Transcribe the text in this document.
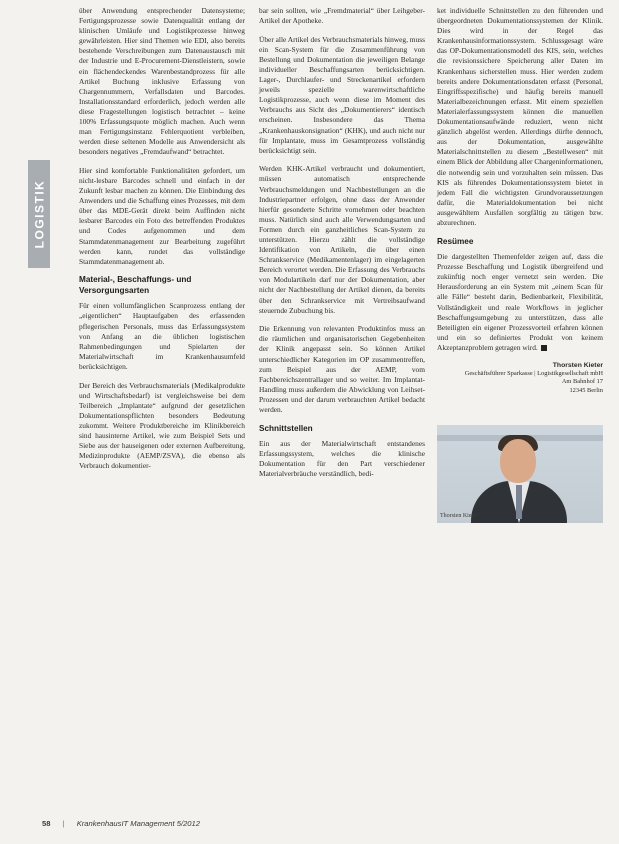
LOGISTIK

über Anwendung entsprechender Datensysteme; Fertigungsprozesse sowie Datenqualität entlang der klinischen Umläufe und Logistikprozesse hinweg gewährleisten. Hier sind Themen wie EDI, also bereits bestehende Verschreibungen zum Datenaustausch mit der Industrie und E-Procurement-Dienstleistern, sowie ein flächendeckendes Warenbestandprozess für alle Artikel Buchung inklusive Erfassung von Chargennummern, Verfallsdaten und Barcodes. Installationsstandard erforderlich, jedoch werden alle diese Fragestellungen logistisch betrachtet – keine 100% Erfassungsquote möglich machen. Auch wenn man Fertigungsinstanz Fehlerquotient verbleiben, werden diese seltenen Modelle aus Anwendersicht als besonders negatives „Fremdaufwand“ betrachtet.

Hier sind komfortable Funktionalitäten gefordert, um nicht-lesbare Barcodes schnell und einfach in der Zukunft lesbar machen zu können. Die Einbindung des Anwenders und die Schaffung eines Prozesses, mit dem über das MDE-Gerät direkt beim Auffinden nicht lesbarer Barcodes ein Foto des betreffenden Produktes und Codes aufgenommen und dem Stammdatenmanagement zur Bearbeitung zugeführt werden kann, rundet das vollständige Stammdatenmanagement ab.

Material-, Beschaffungs- und Versorgungsarten

Für einen vollumfänglichen Scanprozess entlang der „eigentlichen“ Hauptaufgaben des erfassenden pflegerischen Personals, muss das Erfassungssystem von Anfang an die üblichen logistischen Rahmenbedingungen und Spielarten der Materialwirtschaft im Krankenhausumfeld berücksichtigen.

Der Bereich des Verbrauchsmaterials (Medikalprodukte und Wirtschaftsbedarf) ist vergleichsweise bei dem Teilbereich „Implantate“ aufgrund der gesetzlichen Dokumentationspflichten besonders Bedeutung zukommt. Weitere Produktbereiche im Klinikbereich sind hausinterne Artikel, wie zum Beispiel Sets und Siebe aus der hauseigenen oder externen Aufbereitung, Medizinprodukte (AEMP/ZSVA), die ebenso als Verbrauch dokumentier-

bar sein sollten, wie „Fremdmaterial“ über Leihgeber-Artikel der Apotheke.

Über alle Artikel des Verbrauchsmaterials hinweg, muss ein Scan-System für die Zusammenführung von Bestellung und Dokumentation die jeweiligen Belange individueller Beschaffungsarten berücksichtigen. Lager-, Durchlaufer- und Streckenartikel erfordern jeweils spezielle warenwirtschaftliche Logistikprozesse, auch wenn diese im Moment des Verbrauchs aus Sicht des „Dokumentierers“ identisch erscheinen. Insbesondere das Thema „Krankenhauskonsignation“ (KHK), und auch nicht nur für Implantate, muss im Gesamtprozess vollständig berücksichtigt sein.

Werden KHK-Artikel verbraucht und dokumentiert, müssen automatisch entsprechende Verbrauchsmeldungen und Nachbestellungen an die Industriepartner erfolgen, ohne dass der Anwender hierfür gesonderte Schritte vornehmen oder beachten muss. Natürlich sind auch alle Verwendungsarten und Formen durch ein ganzheitliches Scan-System zu unterstützen. Hierzu zählt die vollständige Identifikation von Artikeln, die über einen Schrankservice (Medikamentenlager) im eingelagerten Bereich verortet werden. Die Erfassung des Verbrauchs von Modulartikeln darf nur der Dokumentation, aber nicht der Nachbestellung der Artikel dienen, da bereits über den Schrankservice mit Vertreibsaufwand steuernde Zubuchung bis.

Die Erkennung von relevanten Produktinfos muss an die räumlichen und organisatorischen Gegebenheiten der Klinik angepasst sein. So können Artikel unterschiedlicher Kategorien im OP zusammentreffen, zum Beispiel aus der AEMP, vom Fachbereichszentrallager und so weiter. Im Implantat-Handling muss außerdem die Abwicklung von Leihset-Prozessen und der darum verbrauchten Artikel bedacht werden.

Schnittstellen

Ein aus der Materialwirtschaft entstandenes Erfassungssystem, welches die klinische Dokumentation für den Part verschiedener Materialverbräuche verständlich, bedi-

ket individuelle Schnittstellen zu den führenden und übergeordneten Dokumentationssystemen der Klinik. Dies wird in der Regel das Krankenhausinformationssystem. Schlussgesagt wäre das OP-Dokumentationsmodell des KIS, sein, welches die revisionssichere Speicherung aller Daten im Krankenhaus sicherstellen muss. Hier werden zudem bereits andere Dokumentationsdaten erfasst (Personal, Eingriffsspezifische) und häufig bereits manuell Materialbezeichnungen erfasst. Mit einem speziellen Materialerfassungssystem können die manuellen Dokumentationsaufwände reduziert, wenn nicht gänzlich abgelöst werden. Allerdings dürfte dennoch, aus der Dokumentation, ausgewählte Materialschnittstellen zu diesem „Bestellwesen“ mit einem Blick der Abbildung aller Chargeninformationen, die notwendig sein und vorzuhalten sein müssen. Das KIS als führendes Dokumentationssystem bietet in jedem Fall die wichtigsten Grundvoraussetzungen dafür, die Materialdokumentation bei nicht ausgewähltem Ausfallen sorgfältig zu tätigen bzw. abzurechnen.

Resümee

Die dargestellten Themenfelder zeigen auf, dass die Prozesse Beschaffung und Logistik übergreifend und zukünftig noch enger vernetzt sein werden. Die Herausforderung an ein System mit „einem Scan für alle Fälle“ besteht darin, Bedienbarkeit, Flexibilität, Vollständigkeit und reale Workflows in jeglicher Beschaffungsumgebung zu unterstützen, dass alle Beteiligten ein eigener Prozessvorteil erfahren können und ein so definiertes Produkt von keinem Akzeptanzproblem getragen wird.

Thorsten Kieter
Geschäftsführer Sparkasse | Logistikgesellschaft mbH
Am Bahnhof 17
12345 Berlin
Thorsten Kieter
58 | KrankenhausIT Management 5/2012
